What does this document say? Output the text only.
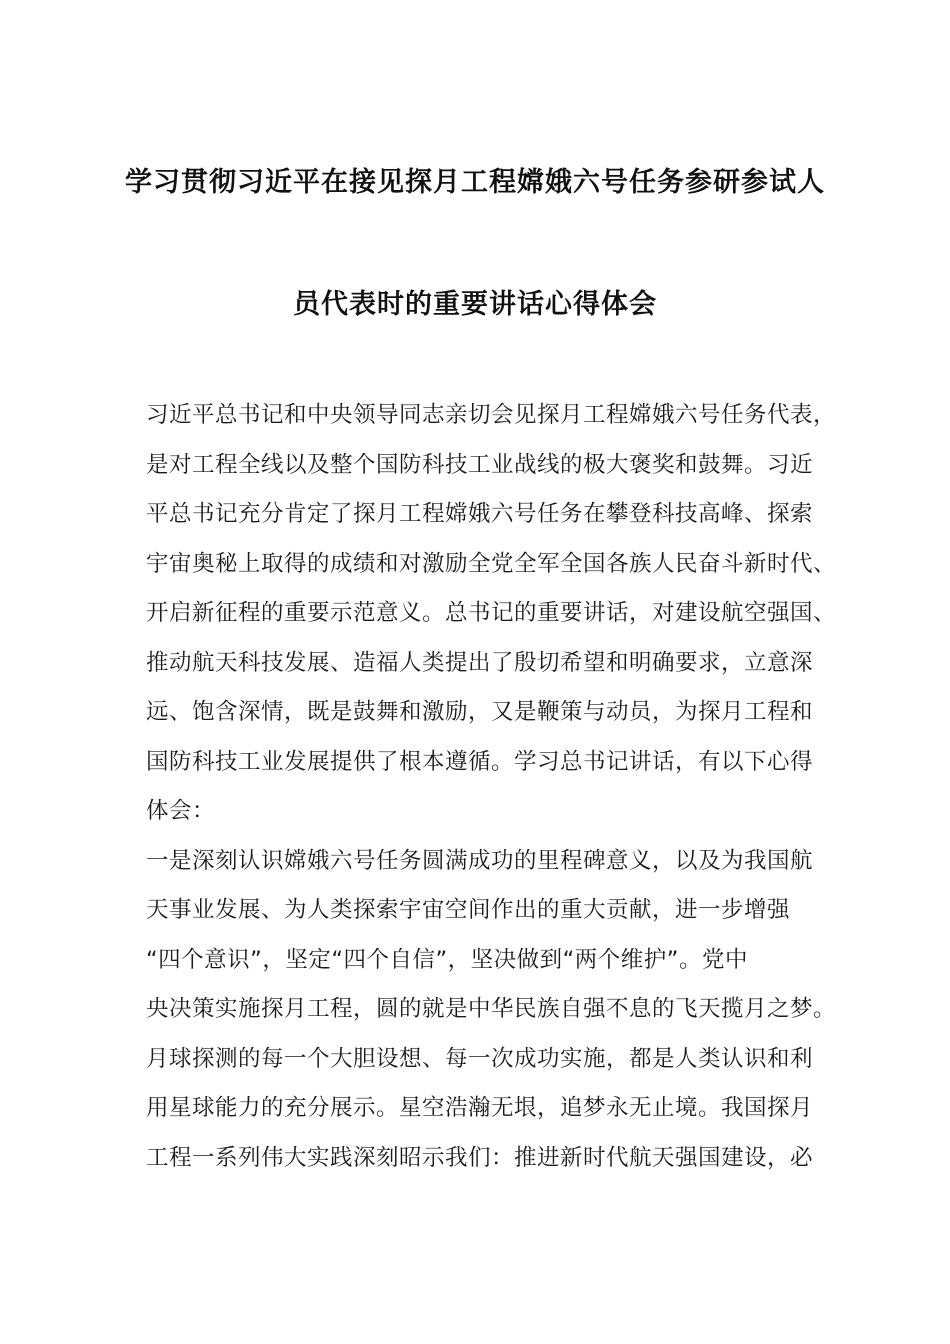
学习贯彻习近平在接见探月工程嫦娥六号任务参研参试人
员代表时的重要讲话心得体会
习近平总书记和中央领导同志亲切会见探月工程嫦娥六号任务代表，
是对工程全线以及整个国防科技工业战线的极大褒奖和鼓舞。习近
平总书记充分肯定了探月工程嫦娥六号任务在攀登科技高峰、探索
宇宙奥秘上取得的成绩和对激励全党全军全国各族人民奋斗新时代、
开启新征程的重要示范意义。总书记的重要讲话，对建设航空强国、
推动航天科技发展、造福人类提出了殷切希望和明确要求，立意深
远、饱含深情，既是鼓舞和激励，又是鞭策与动员，为探月工程和
国防科技工业发展提供了根本遵循。学习总书记讲话，有以下心得
体会：
一是深刻认识嫦娥六号任务圆满成功的里程碑意义，以及为我国航
天事业发展、为人类探索宇宙空间作出的重大贡献，进一步增强
“四个意识”，坚定“四个自信”，坚决做到“两个维护”。党中
央决策实施探月工程，圆的就是中华民族自强不息的飞天揽月之梦。
月球探测的每一个大胆设想、每一次成功实施，都是人类认识和利
用星球能力的充分展示。星空浩瀚无垠，追梦永无止境。我国探月
工程一系列伟大实践深刻昭示我们：推进新时代航天强国建设，必
